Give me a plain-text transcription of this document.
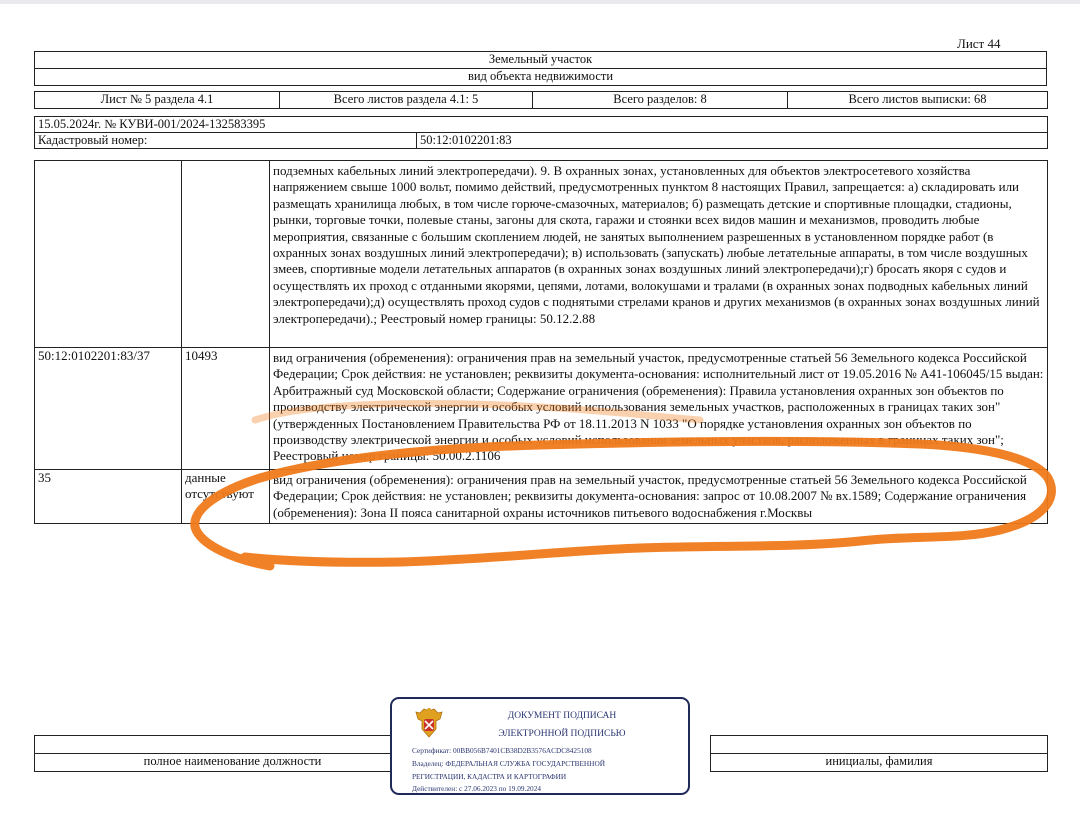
Лист 44
Земельный участок
вид объекта недвижимости
Лист № 5 раздела 4.1	Всего листов раздела 4.1: 5	Всего разделов: 8	Всего листов выписки: 68
15.05.2024г. № КУВИ-001/2024-132583395
Кадастровый номер:	50:12:0102201:83
		подземных кабельных линий электропередачи). 9. В охранных зонах, установленных для объектов электросетевого хозяйства напряжением свыше 1000 вольт, помимо действий, предусмотренных пунктом 8 настоящих Правил, запрещается: а) складировать или размещать хранилища любых, в том числе горюче-смазочных, материалов; б) размещать детские и спортивные площадки, стадионы, рынки, торговые точки, полевые станы, загоны для скота, гаражи и стоянки всех видов машин и механизмов, проводить любые мероприятия, связанные с большим скоплением людей, не занятых выполнением разрешенных в установленном порядке работ (в охранных зонах воздушных линий электропередачи); в) использовать (запускать) любые летательные аппараты, в том числе воздушных змеев, спортивные модели летательных аппаратов (в охранных зонах воздушных линий электропередачи);г) бросать якоря с судов и осуществлять их проход с отданными якорями, цепями, лотами, волокушами и тралами (в охранных зонах подводных кабельных линий электропередачи);д) осуществлять проход судов с поднятыми стрелами кранов и других механизмов (в охранных зонах воздушных линий электропередачи).; Реестровый номер границы: 50.12.2.88
50:12:0102201:83/37	10493	вид ограничения (обременения): ограничения прав на земельный участок, предусмотренные статьей 56 Земельного кодекса Российской Федерации; Срок действия: не установлен; реквизиты документа-основания: исполнительный лист от 19.05.2016 № А41-106045/15 выдан: Арбитражный суд Московской области; Содержание ограничения (обременения): Правила установления охранных зон объектов по производству электрической энергии и особых условий использования земельных участков, расположенных в границах таких зон" (утвержденных Постановлением Правительства РФ от 18.11.2013 N 1033 "О порядке установления охранных зон объектов по производству электрической энергии и особых условий использования земельных участков, расположенных в границах таких зон"; Реестровый номер границы: 50.00.2.1106
35	данные отсутствуют	вид ограничения (обременения): ограничения прав на земельный участок, предусмотренные статьей 56 Земельного кодекса Российской Федерации; Срок действия: не установлен; реквизиты документа-основания: запрос от 10.08.2007 № вх.1589; Содержание ограничения (обременения): Зона II пояса санитарной охраны источников питьевого водоснабжения г.Москвы

полное наименование должности		инициалы, фамилия
ДОКУМЕНТ ПОДПИСАН
ЭЛЕКТРОННОЙ ПОДПИСЬЮ
Сертификат: 00BB056B7401CB38D2B3576ACDC8425108
Владелец: ФЕДЕРАЛЬНАЯ СЛУЖБА ГОСУДАРСТВЕННОЙ
РЕГИСТРАЦИИ, КАДАСТРА И КАРТОГРАФИИ
Действителен: с 27.06.2023 по 19.09.2024
